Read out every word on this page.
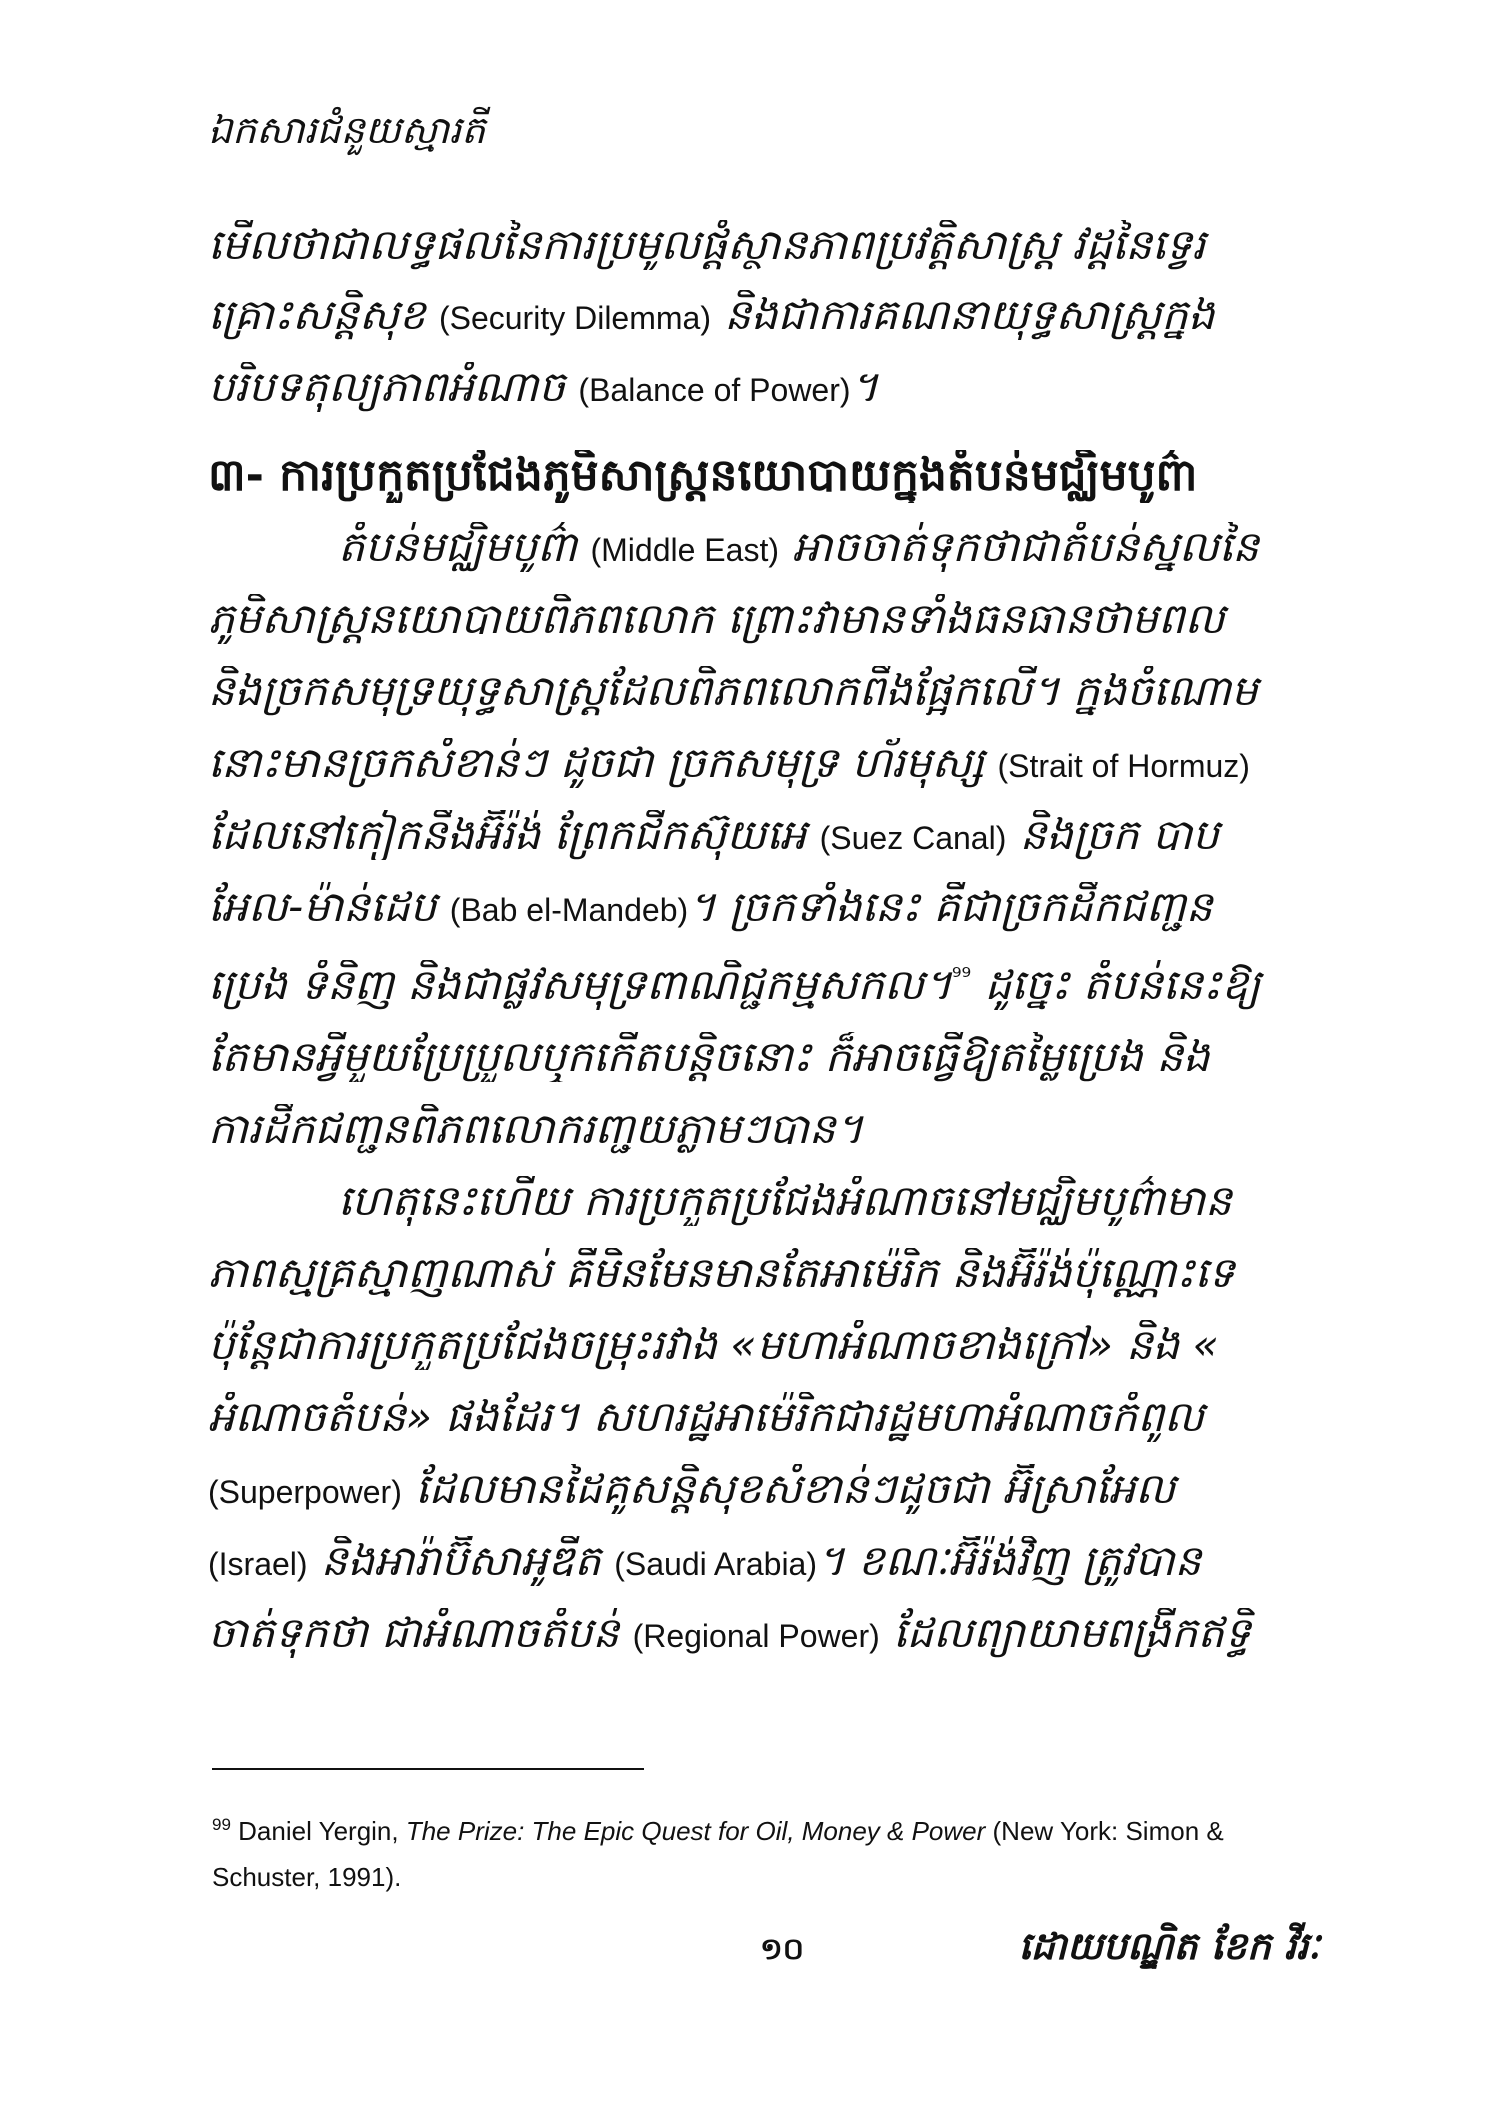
ឯកសារជំនួយស្មារតី
មើលថាជាលទ្ធផលនៃការប្រមូលផ្តុំស្ថានភាពប្រវត្តិសាស្ត្រ វដ្តនៃទ្វេរ
គ្រោះសន្តិសុខ (Security Dilemma) និងជាការគណនាយុទ្ធសាស្ត្រក្នុង
បរិបទតុល្យភាពអំណាច (Balance of Power)។
៣- ការប្រកួតប្រជែងភូមិសាស្ត្រនយោបាយក្នុងតំបន់មជ្ឈិមបូព៌ា
តំបន់មជ្ឈិមបូព៌ា (Middle East) អាចចាត់ទុកថាជាតំបន់ស្នូលនៃ
ភូមិសាស្ត្រនយោបាយពិភពលោក ព្រោះវាមានទាំងធនធានថាមពល
និងច្រកសមុទ្រយុទ្ធសាស្ត្រដែលពិភពលោកពឹងផ្អែកលើ។ ក្នុងចំណោម
នោះមានច្រកសំខាន់ៗ ដូចជា ច្រកសមុទ្រ ហ័រមុស្ស (Strait of Hormuz)
ដែលនៅកៀកនឹងអ៊ីរ៉ង់ ព្រែកជីកស៊ុយអេ (Suez Canal) និងច្រក បាប
អែល-ម៉ាន់ដេប (Bab el-Mandeb)។ ច្រកទាំងនេះ គឺជាច្រកដឹកជញ្ជូន
ប្រេង ទំនិញ និងជាផ្លូវសមុទ្រពាណិជ្ជកម្មសកល។$^{^{99}}$ ដូច្នេះ តំបន់នេះឱ្យ
តែមានអ្វីមួយប្រែប្រួលឬកកើតបន្តិចនោះ ក៏អាចធ្វើឱ្យតម្លៃប្រេង និង
ការដឹកជញ្ជូនពិភពលោករញ្ជួយភ្លាមៗបាន។
ហេតុនេះហើយ ការប្រកួតប្រជែងអំណាចនៅមជ្ឈិមបូព៌ាមាន
ភាពស្មុគ្រស្មាញណាស់ គឺមិនមែនមានតែអាម៉េរិក និងអ៊ីរ៉ង់ប៉ុណ្ណោះទេ
ប៉ុន្តែជាការប្រកួតប្រជែងចម្រុះរវាង «មហាអំណាចខាងក្រៅ» និង «
អំណាចតំបន់» ផងដែរ។ សហរដ្ឋអាម៉េរិកជារដ្ឋមហាអំណាចកំពូល
(Superpower) ដែលមានដៃគូសន្តិសុខសំខាន់ៗដូចជា អ៊ីស្រាអែល
(Israel) និងអារ៉ាប៊ីសាអូឌីត (Saudi Arabia)។ ខណៈអ៊ីរ៉ង់វិញ ត្រូវបាន
ចាត់ទុកថា ជាអំណាចតំបន់ (Regional Power) ដែលព្យាយាមពង្រីកឥទ្ធិ
$^{99}$ Daniel Yergin, The Prize: The Epic Quest for Oil, Money & Power (New York: Simon & Schuster, 1991).
១០	ដោយបណ្ឌិត ខែក វីរៈ
